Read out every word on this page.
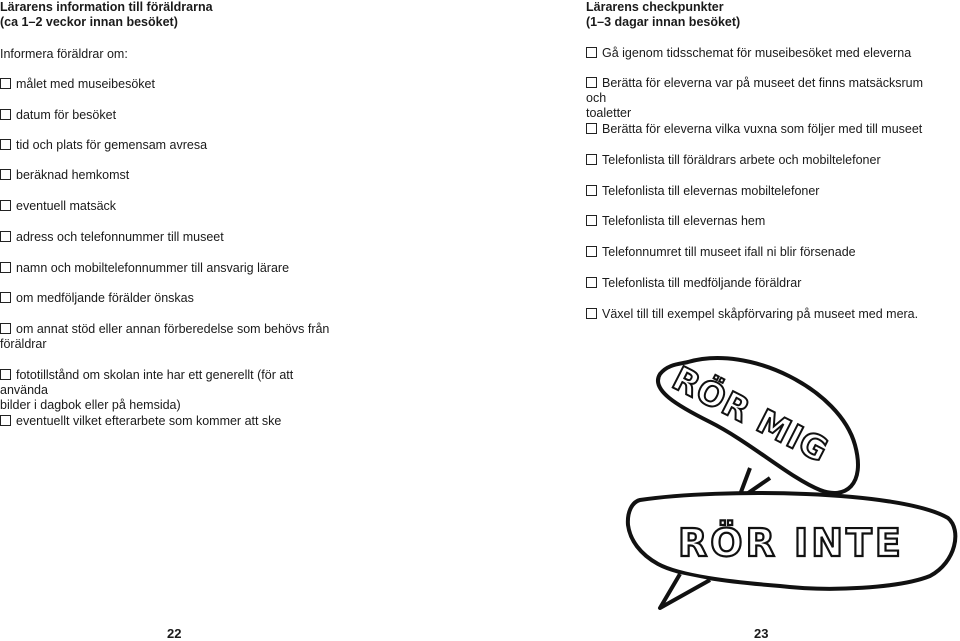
Lärarens information till föräldrarna
(ca 1–2 veckor innan besöket)

Informera föräldrar om:

målet med museibesöket
datum för besöket
tid och plats för gemensam avresa
beräknad hemkomst
eventuell matsäck
adress och telefonnummer till museet
namn och mobiltelefonnummer till ansvarig lärare
om medföljande förälder önskas
om annat stöd eller annan förberedelse som behövs från
föräldrar
fototillstånd om skolan inte har ett generellt (för att använda
bilder i dagbok eller på hemsida)
eventuellt vilket efterarbete som kommer att ske
22
Lärarens checkpunkter
(1–3 dagar innan besöket)
Gå igenom tidsschemat för museibesöket med eleverna
Berätta för eleverna var på museet det finns matsäcksrum och
toaletter
Berätta för eleverna vilka vuxna som följer med till museet
Telefonlista till föräldrars arbete och mobiltelefoner
Telefonlista till elevernas mobiltelefoner
Telefonlista till elevernas hem
Telefonnumret till museet ifall ni blir försenade
Telefonlista till medföljande föräldrar
Växel till till exempel skåpförvaring på museet med mera.
23
RÖR MIG
RÖR INTE
